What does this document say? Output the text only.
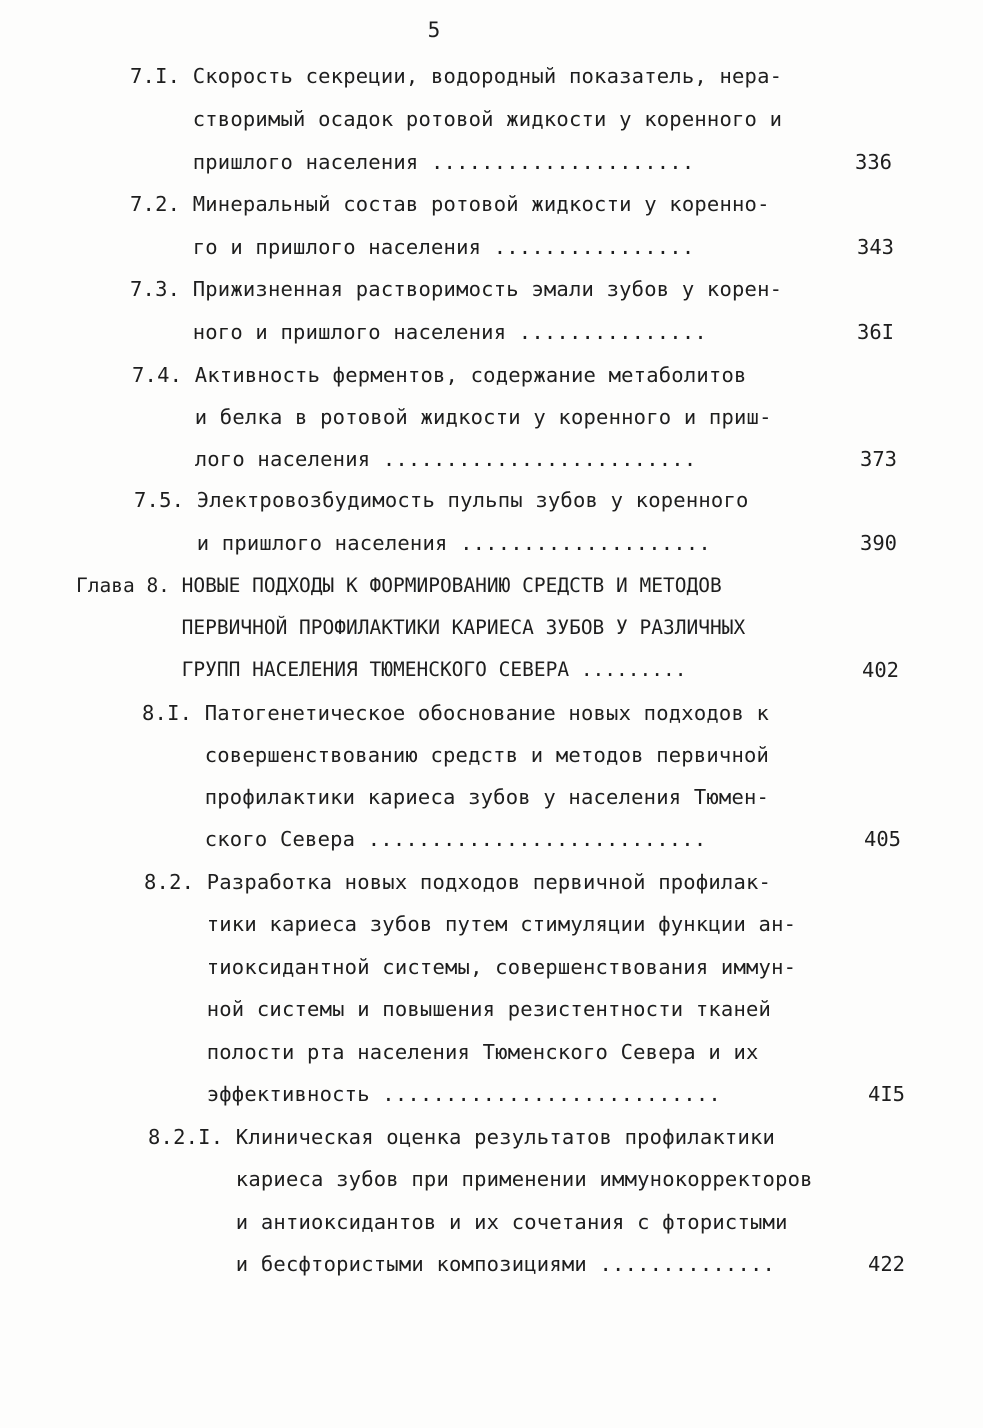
5
7.I. Скорость секреции, водородный показатель, нера-
створимый осадок ротовой жидкости у коренного и
пришлого населения .....................	336
7.2. Минеральный состав ротовой жидкости у коренно-
го и пришлого населения ................	343
7.3. Прижизненная растворимость эмали зубов у корен-
ного и пришлого населения ...............	36I
7.4. Активность ферментов, содержание метаболитов
и белка в ротовой жидкости у коренного и приш-
лого населения .........................	373
7.5. Электровозбудимость пульпы зубов у коренного
и пришлого населения ....................	390
Глава 8. НОВЫЕ ПОДХОДЫ К ФОРМИРОВАНИЮ СРЕДСТВ И МЕТОДОВ
ПЕРВИЧНОЙ ПРОФИЛАКТИКИ КАРИЕСА ЗУБОВ У РАЗЛИЧНЫХ
ГРУПП НАСЕЛЕНИЯ ТЮМЕНСКОГО СЕВЕРА .........	402
8.I. Патогенетическое обоснование новых подходов к
совершенствованию средств и методов первичной
профилактики кариеса зубов у населения Тюмен-
ского Севера ...........................	405
8.2. Разработка новых подходов первичной профилак-
тики кариеса зубов путем стимуляции функции ан-
тиоксидантной системы, совершенствования иммун-
ной системы и повышения резистентности тканей
полости рта населения Тюменского Севера и их
эффективность ...........................	4I5
8.2.I. Клиническая оценка результатов профилактики
кариеса зубов при применении иммунокорректоров
и антиоксидантов и их сочетания с фтористыми
и бесфтористыми композициями ..............	422
